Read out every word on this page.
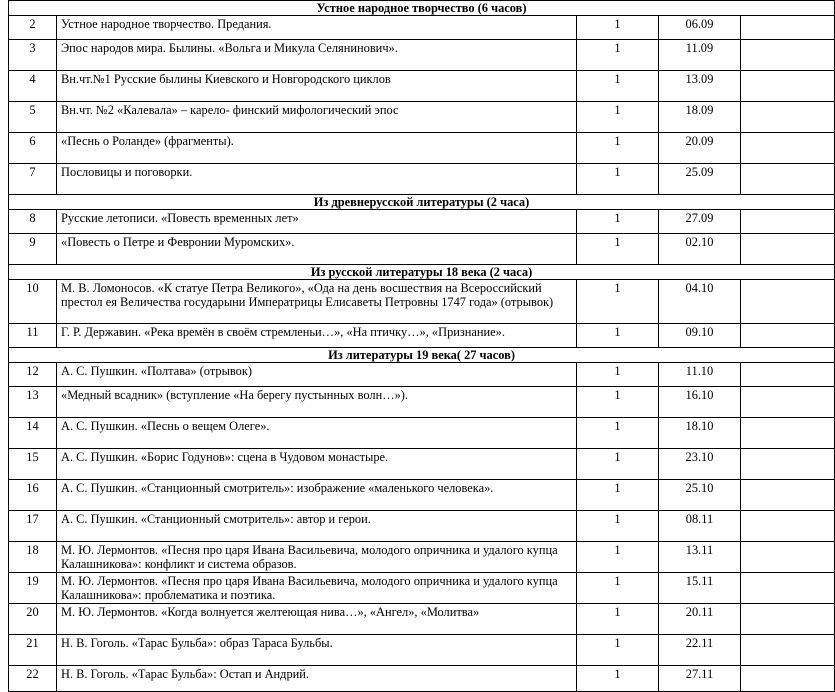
Устное народное творчество (6 часов)				
2	Устное народное творчество. Предания.	1	06.09	
3	Эпос народов мира. Былины. «Вольга и Микула Селянинович».	1	11.09	
4	Вн.чт.№1 Русские былины Киевского и Новгородского циклов	1	13.09	
5	Вн.чт. №2 «Калевала» – карело- финский мифологический эпос	1	18.09	
6	«Песнь о Роланде» (фрагменты).	1	20.09	
7	Пословицы и поговорки.	1	25.09	
Из древнерусской литературы (2 часа)				
8	Русские летописи. «Повесть временных лет»	1	27.09	
9	«Повесть о Петре и Февронии Муромских».	1	02.10	
Из русской литературы 18 века (2 часа)				
10	М. В. Ломоносов. «К статуе Петра Великого», «Ода на день восшествия на Всероссийский престол ея Величества государыни Императрицы Елисаветы Петровны 1747 года» (отрывок)	1	04.10	
11	Г. Р. Державин. «Река времён в своём стремленьи…», «На птичку…», «Признание».	1	09.10	
Из литературы 19 века( 27 часов)				
12	А. С. Пушкин. «Полтава» (отрывок)	1	11.10	
13	«Медный всадник» (вступление «На берегу пустынных волн…»).	1	16.10	
14	А. С. Пушкин. «Песнь о вещем Олеге».	1	18.10	
15	А. С. Пушкин. «Борис Годунов»: сцена в Чудовом монастыре.	1	23.10	
16	А. С. Пушкин. «Станционный смотритель»: изображение «маленького человека».	1	25.10	
17	А. С. Пушкин. «Станционный смотритель»: автор и герои.	1	08.11	
18	М. Ю. Лермонтов. «Песня про царя Ивана Васильевича, молодого опричника и удалого купца Калашникова»: конфликт и система образов.	1	13.11	
19	М. Ю. Лермонтов. «Песня про царя Ивана Васильевича, молодого опричника и удалого купца Калашникова»: проблематика и поэтика.	1	15.11	
20	М. Ю. Лермонтов. «Когда волнуется желтеющая нива…», «Ангел», «Молитва»	1	20.11	
21	Н. В. Гоголь. «Тарас Бульба»: образ Тараса Бульбы.	1	22.11	
22	Н. В. Гоголь. «Тарас Бульба»: Остап и Андрий.	1	27.11	
